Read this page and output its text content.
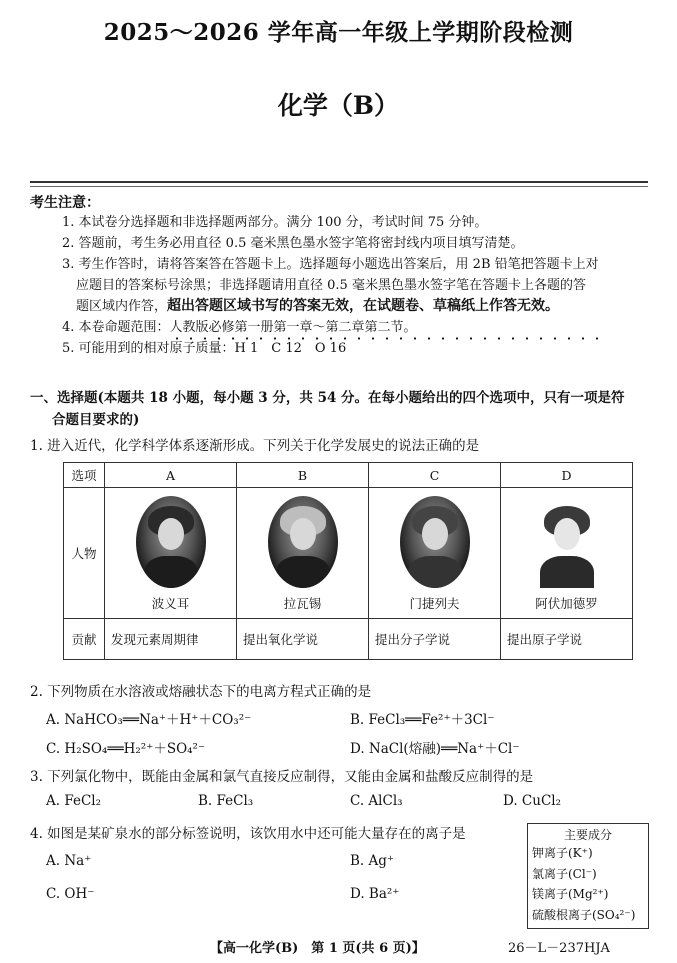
2025～2026 学年高一年级上学期阶段检测
化学（B）
考生注意：
1. 本试卷分选择题和非选择题两部分。满分 100 分，考试时间 75 分钟。
2. 答题前，考生务必用直径 0.5 毫米黑色墨水签字笔将密封线内项目填写清楚。
3. 考生作答时，请将答案答在答题卡上。选择题每小题选出答案后，用 2B 铅笔把答题卡上对
应题目的答案标号涂黑；非选择题请用直径 0.5 毫米黑色墨水签字笔在答题卡上各题的答
题区域内作答，超出答题区域书写的答案无效，在试题卷、草稿纸上作答无效。
4. 本卷命题范围：人教版必修第一册第一章～第二章第二节。
5. 可能用到的相对原子质量：H 1　C 12　O 16
一、选择题(本题共 18 小题，每小题 3 分，共 54 分。在每小题给出的四个选项中，只有一项是符
合题目要求的)
1. 进入近代，化学科学体系逐渐形成。下列关于化学发展史的说法正确的是
选项	A	B	C	D
人物	波义耳	拉瓦锡	门捷列夫	阿伏加德罗

贡献	发现元素周期律	提出氧化学说	提出分子学说	提出原子学说
2. 下列物质在水溶液或熔融状态下的电离方程式正确的是
A. NaHCO₃══Na⁺＋H⁺＋CO₃²⁻	B. FeCl₃══Fe²⁺＋3Cl⁻
C. H₂SO₄══H₂²⁺＋SO₄²⁻	D. NaCl(熔融)══Na⁺＋Cl⁻
3. 下列氯化物中，既能由金属和氯气直接反应制得，又能由金属和盐酸反应制得的是
A. FeCl₂	B. FeCl₃	C. AlCl₃	D. CuCl₂
4. 如图是某矿泉水的部分标签说明，该饮用水中还可能大量存在的离子是
A. Na⁺	B. Ag⁺
C. OH⁻	D. Ba²⁺
主要成分
钾离子(K⁺)
氯离子(Cl⁻)
镁离子(Mg²⁺)
硫酸根离子(SO₄²⁻)
【高一化学(B)　第 1 页(共 6 页)】	26－L－237HJA
